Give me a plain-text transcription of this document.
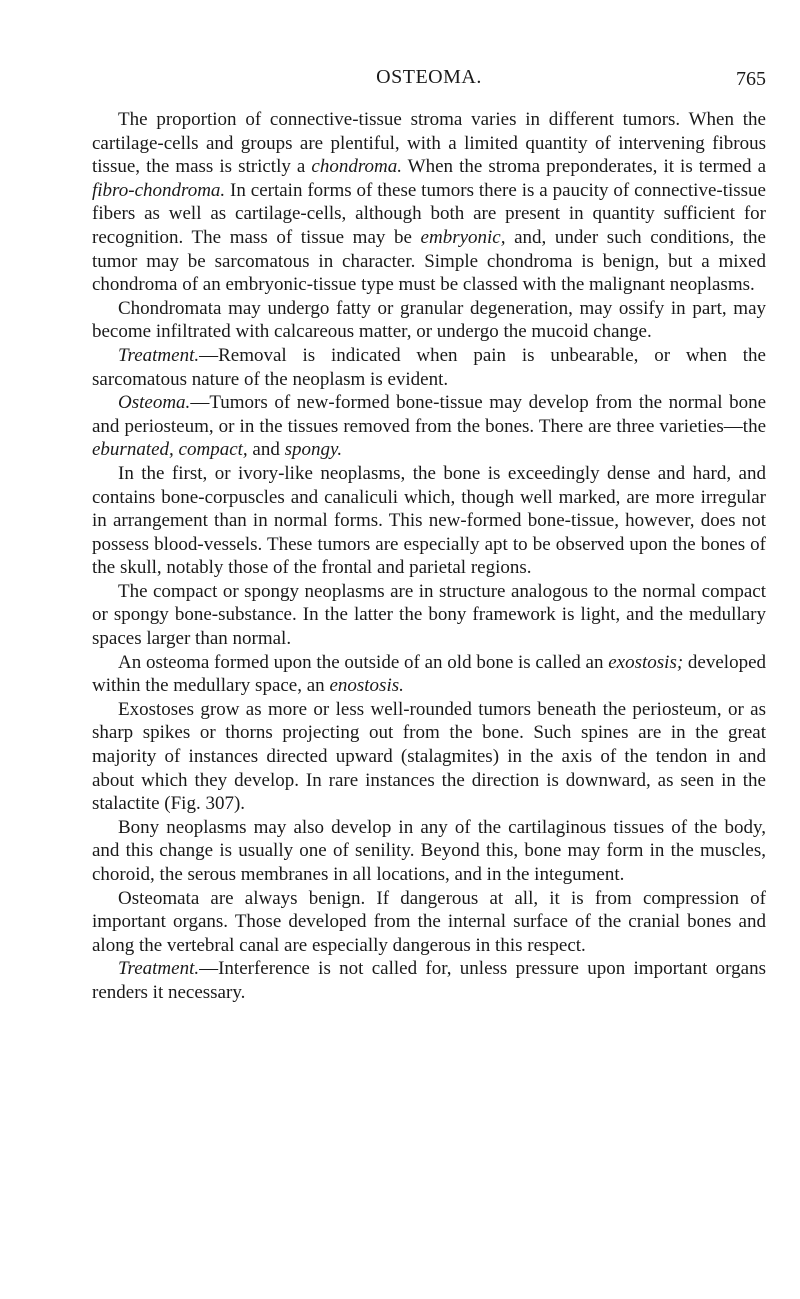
OSTEOMA.	765

The proportion of connective-tissue stroma varies in different tumors. When the cartilage-cells and groups are plentiful, with a limited quantity of intervening fibrous tissue, the mass is strictly a chondroma. When the stroma preponderates, it is termed a fibro-chondroma. In certain forms of these tumors there is a paucity of connective-tissue fibers as well as cartilage-cells, although both are present in quantity sufficient for recognition. The mass of tissue may be embryonic, and, under such conditions, the tumor may be sarcomatous in character. Simple chondroma is benign, but a mixed chondroma of an embryonic-tissue type must be classed with the malignant neoplasms.

Chondromata may undergo fatty or granular degeneration, may ossify in part, may become infiltrated with calcareous matter, or undergo the mucoid change.

Treatment.—Removal is indicated when pain is unbearable, or when the sarcomatous nature of the neoplasm is evident.

Osteoma.—Tumors of new-formed bone-tissue may develop from the normal bone and periosteum, or in the tissues removed from the bones. There are three varieties—the eburnated, compact, and spongy.

In the first, or ivory-like neoplasms, the bone is exceedingly dense and hard, and contains bone-corpuscles and canaliculi which, though well marked, are more irregular in arrangement than in normal forms. This new-formed bone-tissue, however, does not possess blood-vessels. These tumors are especially apt to be observed upon the bones of the skull, notably those of the frontal and parietal regions.

The compact or spongy neoplasms are in structure analogous to the normal compact or spongy bone-substance. In the latter the bony framework is light, and the medullary spaces larger than normal.

An osteoma formed upon the outside of an old bone is called an exostosis; developed within the medullary space, an enostosis.

Exostoses grow as more or less well-rounded tumors beneath the periosteum, or as sharp spikes or thorns projecting out from the bone. Such spines are in the great majority of instances directed upward (stalagmites) in the axis of the tendon in and about which they develop. In rare instances the direction is downward, as seen in the stalactite (Fig. 307).

Bony neoplasms may also develop in any of the cartilaginous tissues of the body, and this change is usually one of senility. Beyond this, bone may form in the muscles, choroid, the serous membranes in all locations, and in the integument.

Osteomata are always benign. If dangerous at all, it is from compression of important organs. Those developed from the internal surface of the cranial bones and along the vertebral canal are especially dangerous in this respect.

Treatment.—Interference is not called for, unless pressure upon important organs renders it necessary.
